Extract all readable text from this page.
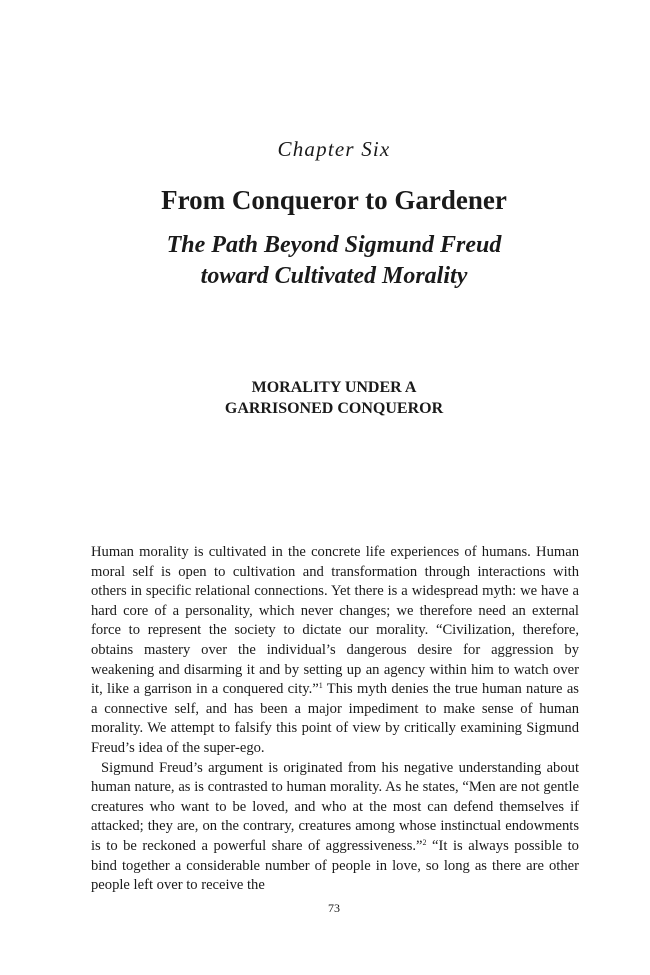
Chapter Six
From Conqueror to Gardener
The Path Beyond Sigmund Freud
toward Cultivated Morality
MORALITY UNDER A
GARRISONED CONQUEROR

Human morality is cultivated in the concrete life experiences of humans. Human moral self is open to cultivation and transformation through interactions with others in specific relational connections. Yet there is a widespread myth: we have a hard core of a personality, which never changes; we therefore need an external force to represent the society to dictate our morality. “Civilization, therefore, obtains mastery over the individual’s dangerous desire for aggression by weakening and disarming it and by setting up an agency within him to watch over it, like a garrison in a conquered city.”$^1$ This myth denies the true human nature as a connective self, and has been a major impediment to make sense of human morality. We attempt to falsify this point of view by critically examining Sigmund Freud’s idea of the super-ego.

Sigmund Freud’s argument is originated from his negative understanding about human nature, as is contrasted to human morality. As he states, “Men are not gentle creatures who want to be loved, and who at the most can defend themselves if attacked; they are, on the contrary, creatures among whose instinctual endowments is to be reckoned a powerful share of aggressiveness.”$^2$ “It is always possible to bind together a considerable number of people in love, so long as there are other people left over to receive the

73
